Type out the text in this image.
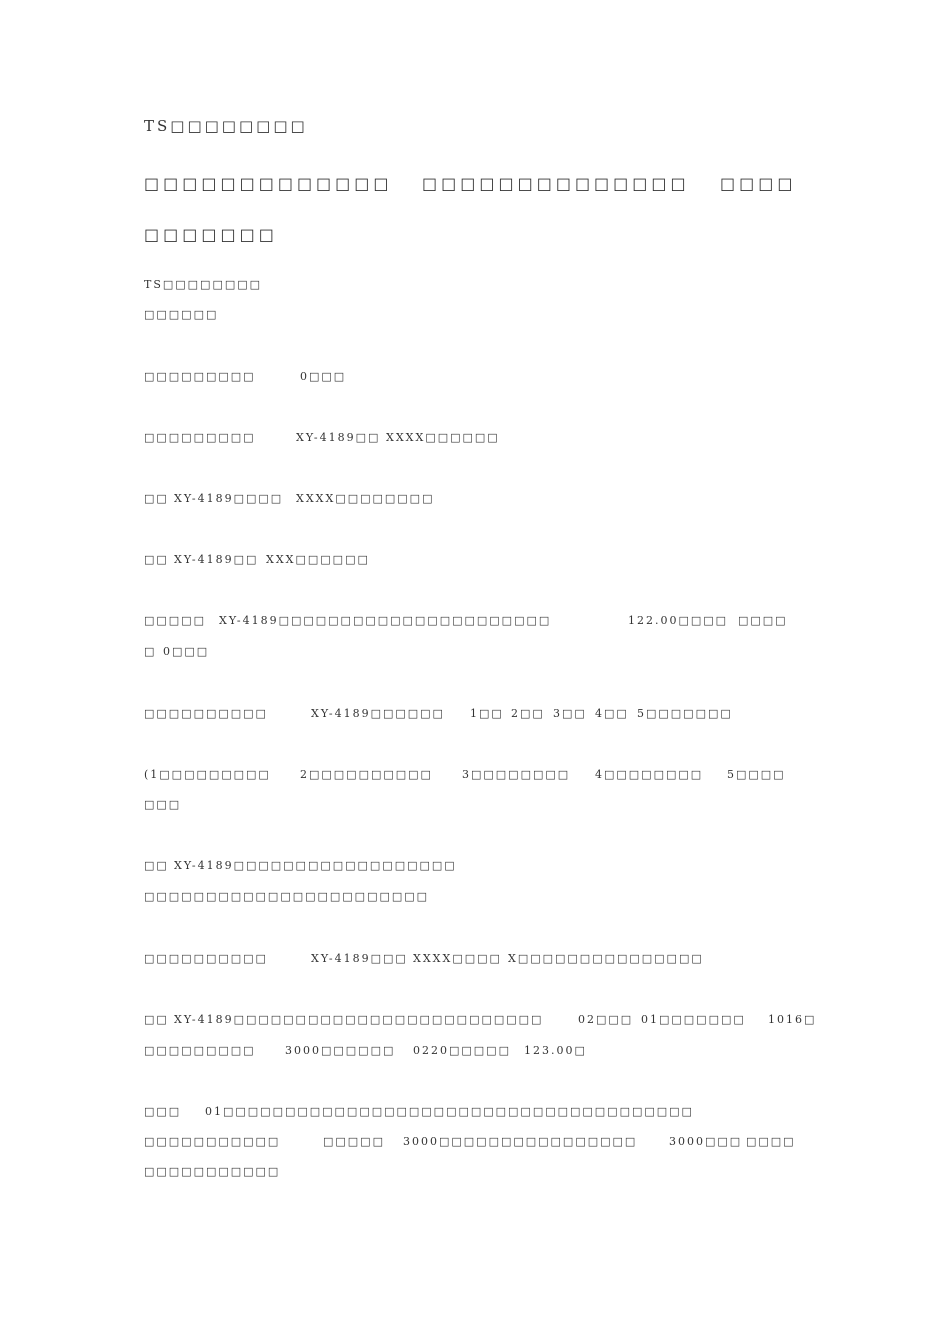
TS□□□□□□□□
□□□□□□□□□□□□□ □□□□□□□□□□□□□□ □□□□
□□□□□□□
TS□□□□□□□□
□□□□□□
□□□□□□□□□	0□□□
□□□□□□□□□	XY-4189□□ XXXX□□□□□□
□□ XY-4189□□□□ XXXX□□□□□□□□
□□ XY-4189□□ XXX□□□□□□
□□□□□ XY-4189□□□□□□□□□□□□□□□□□□□□□□	122.00□□□□ □□□□
□ 0□□□
□□□□□□□□□□	XY-4189□□□□□□ 1□□ 2□□ 3□□ 4□□ 5□□□□□□□
(1□□□□□□□□□	2□□□□□□□□□□	3□□□□□□□□ 4□□□□□□□□ 5□□□□
□□□
□□ XY-4189□□□□□□□□□□□□□□□□□□
□□□□□□□□□□□□□□□□□□□□□□□
□□□□□□□□□□	XY-4189□□□ XXXX□□□□ X□□□□□□□□□□□□□□□
□□ XY-4189□□□□□□□□□□□□□□□□□□□□□□□□□	02□□□ 01□□□□□□□ 1016□
□□□□□□□□□	3000□□□□□□ 0220□□□□□ 123.00□
□□□ 01□□□□□□□□□□□□□□□□□□□□□□□□□□□□□□□□□□□□□□
□□□□□□□□□□□	□□□□□ 3000□□□□□□□□□□□□□□□□	3000□□□ □□□□
□□□□□□□□□□□
